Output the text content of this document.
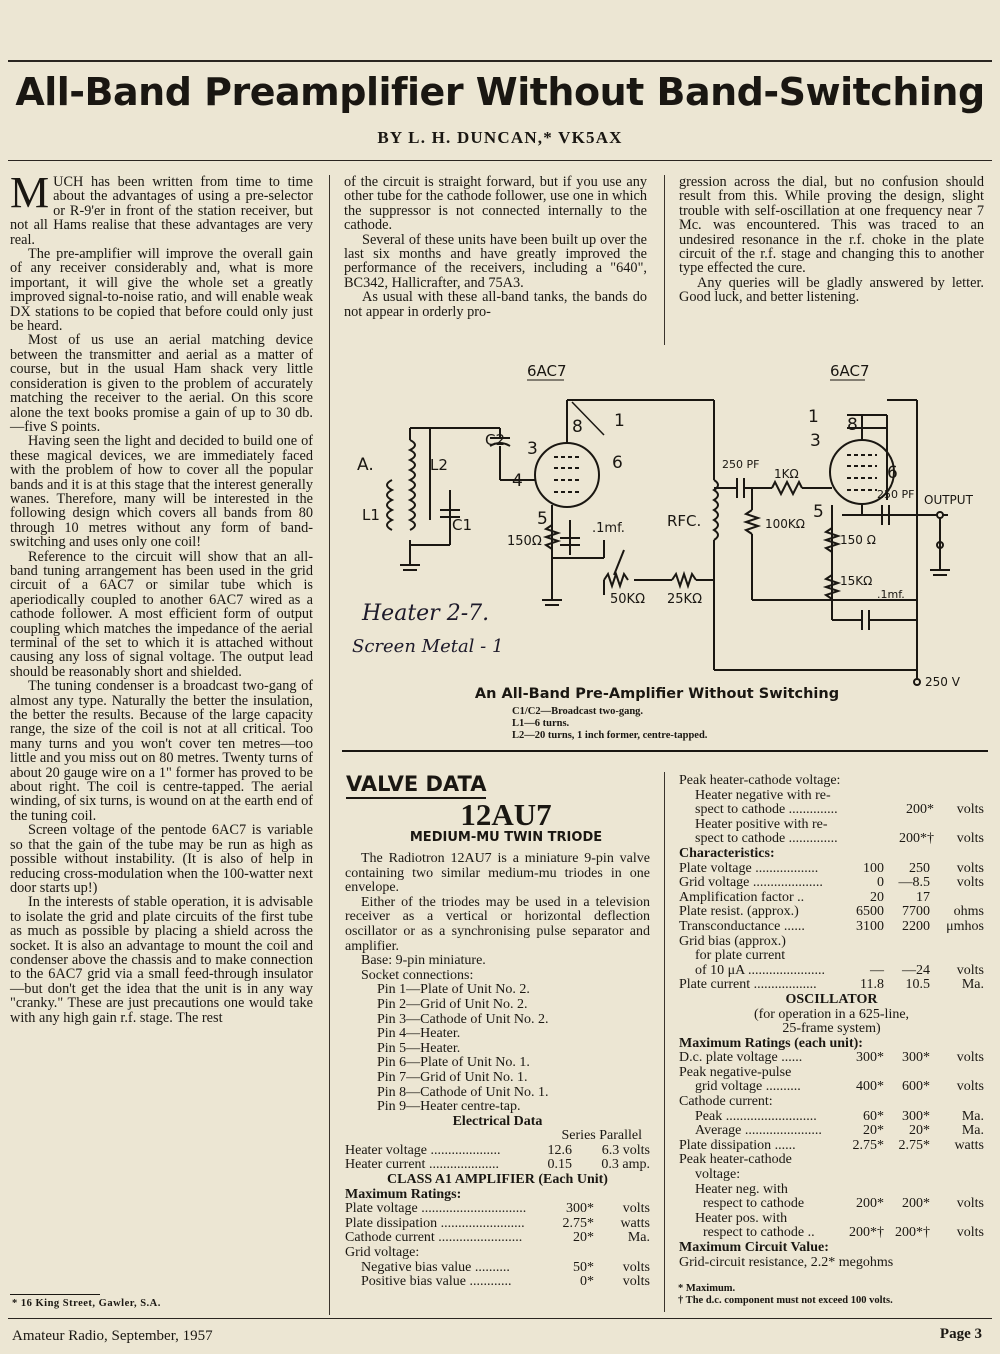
All-Band Preamplifier Without Band-Switching
BY L. H. DUNCAN,* VK5AX

MUCH has been written from time to time about the advantages of using a pre-selector or R-9'er in front of the station receiver, but not all Hams realise that these advantages are very real.

The pre-amplifier will improve the overall gain of any receiver considerably and, what is more important, it will give the whole set a greatly improved signal-to-noise ratio, and will enable weak DX stations to be copied that before could only just be heard.

Most of us use an aerial matching device between the transmitter and aerial as a matter of course, but in the usual Ham shack very little consideration is given to the problem of accurately matching the receiver to the aerial. On this score alone the text books promise a gain of up to 30 db.—five S points.

Having seen the light and decided to build one of these magical devices, we are immediately faced with the problem of how to cover all the popular bands and it is at this stage that the interest generally wanes. Therefore, many will be interested in the following design which covers all bands from 80 through 10 metres without any form of band-switching and uses only one coil!

Reference to the circuit will show that an all-band tuning arrangement has been used in the grid circuit of a 6AC7 or similar tube which is aperiodically coupled to another 6AC7 wired as a cathode follower. A most efficient form of output coupling which matches the impedance of the aerial terminal of the set to which it is attached without causing any loss of signal voltage. The output lead should be reasonably short and shielded.

The tuning condenser is a broadcast two-gang of almost any type. Naturally the better the insulation, the better the results. Because of the large capacity range, the size of the coil is not at all critical. Too many turns and you won't cover ten metres—too little and you miss out on 80 metres. Twenty turns of about 20 gauge wire on a 1" former has proved to be about right. The coil is centre-tapped. The aerial winding, of six turns, is wound on at the earth end of the tuning coil.

Screen voltage of the pentode 6AC7 is variable so that the gain of the tube may be run as high as possible without instability. (It is also of help in reducing cross-modulation when the 100-watter next door starts up!)

In the interests of stable operation, it is advisable to isolate the grid and plate circuits of the first tube as much as possible by placing a shield across the socket. It is also an advantage to mount the coil and condenser above the chassis and to make connection to the 6AC7 grid via a small feed-through insulator—but don't get the idea that the unit is in any way "cranky." These are just precautions one would take with any high gain r.f. stage. The rest

* 16 King Street, Gawler, S.A.

of the circuit is straight forward, but if you use any other tube for the cathode follower, use one in which the suppressor is not connected internally to the cathode.

Several of these units have been built up over the last six months and have greatly improved the performance of the receivers, including a "640", BC342, Hallicrafter, and 75A3.

As usual with these all-band tanks, the bands do not appear in orderly pro-

gression across the dial, but no confusion should result from this. While proving the design, slight trouble with self-oscillation at one frequency near 7 Mc. was encountered. This was traced to an undesired resonance in the r.f. choke in the plate circuit of the r.f. stage and changing this to another type effected the cure.

Any queries will be gladly answered by letter. Good luck, and better listening.

6AC7	6AC7
A.
L1
L2
C1
C2
150Ω
.1mf.
50KΩ 25KΩ
RFC.
250 PF
1KΩ
100KΩ
150 Ω
15KΩ
.1mf.
250 V
250 PF OUTPUT
3
8 1
6
4
5
1 8
3
6
5
Heater 2-7.
Screen Metal - 1
An All-Band Pre-Amplifier Without Switching
C1/C2—Broadcast two-gang.
L1—6 turns.
L2—20 turns, 1 inch former, centre-tapped.
VALVE DATA
12AU7
MEDIUM-MU TWIN TRIODE
The Radiotron 12AU7 is a miniature 9-pin valve containing two similar medium-mu triodes in one envelope.
Either of the triodes may be used in a television receiver as a vertical or horizontal deflection oscillator or as a synchronising pulse separator and amplifier.
Base: 9-pin miniature.
Socket connections:
Pin 1—Plate of Unit No. 2.
Pin 2—Grid of Unit No. 2.
Pin 3—Cathode of Unit No. 2.
Pin 4—Heater.
Pin 5—Heater.
Pin 6—Plate of Unit No. 1.
Pin 7—Grid of Unit No. 1.
Pin 8—Cathode of Unit No. 1.
Pin 9—Heater centre-tap.
Electrical Data
Series Parallel
Heater voltage ....................	12.6	6.3 volts
Heater current ....................	0.15	0.3 amp.
CLASS A1 AMPLIFIER (Each Unit)
Maximum Ratings:
Plate voltage ..............................	300*	volts
Plate dissipation ........................	2.75*	watts
Cathode current ........................	20*	Ma.
Grid voltage:
Negative bias value ..........	50*	volts
Positive bias value ............	0*	volts
Peak heater-cathode voltage:
Heater negative with re-
spect to cathode ..............	200*	volts
Heater positive with re-
spect to cathode ..............	200*†	volts
Characteristics:
Plate voltage ..................	100	250	volts
Grid voltage ....................	0	—8.5	volts
Amplification factor ..	20	17
Plate resist. (approx.)	6500	7700	ohms
Transconductance ......	3100	2200	μmhos
Grid bias (approx.)
for plate current
of 10 μA ......................	—	—24	volts
Plate current ..................	11.8	10.5	Ma.
OSCILLATOR
(for operation in a 625-line,
25-frame system)
Maximum Ratings (each unit):
D.c. plate voltage ......	300*	300*	volts
Peak negative-pulse
grid voltage ..........	400*	600*	volts
Cathode current:
Peak ..........................	60*	300*	Ma.
Average ......................	20*	20*	Ma.
Plate dissipation ......	2.75*	2.75*	watts
Peak heater-cathode
voltage:
Heater neg. with
respect to cathode	200*	200*	volts
Heater pos. with
respect to cathode ..	200*† 200*†	volts
Maximum Circuit Value:
Grid-circuit resistance, 2.2* megohms
* Maximum.
† The d.c. component must not exceed 100 volts.
Amateur Radio, September, 1957	Page 3
